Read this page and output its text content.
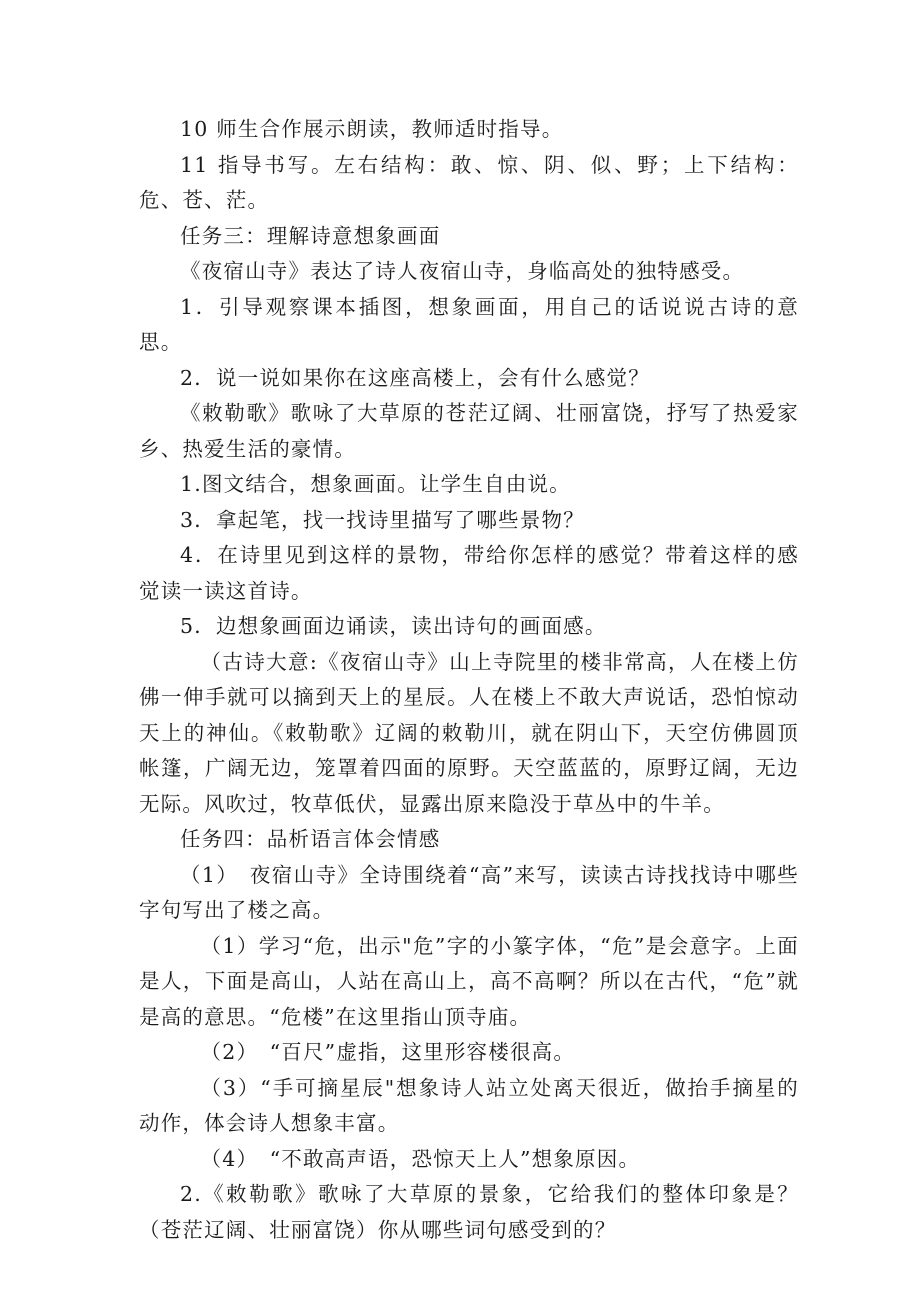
10 师生合作展示朗读，教师适时指导。

11 指导书写。左右结构：敢、惊、阴、似、野；上下结构：危、苍、茫。

任务三：理解诗意想象画面

《夜宿山寺》表达了诗人夜宿山寺，身临高处的独特感受。

1．引导观察课本插图，想象画面，用自己的话说说古诗的意思。

2．说一说如果你在这座高楼上，会有什么感觉？

《敕勒歌》歌咏了大草原的苍茫辽阔、壮丽富饶，抒写了热爱家乡、热爱生活的豪情。

1.图文结合，想象画面。让学生自由说。

3．拿起笔，找一找诗里描写了哪些景物？

4．在诗里见到这样的景物，带给你怎样的感觉？带着这样的感觉读一读这首诗。

5．边想象画面边诵读，读出诗句的画面感。

（古诗大意:《夜宿山寺》山上寺院里的楼非常高，人在楼上仿佛一伸手就可以摘到天上的星辰。人在楼上不敢大声说话，恐怕惊动天上的神仙。《敕勒歌》辽阔的敕勒川，就在阴山下，天空仿佛圆顶帐篷，广阔无边，笼罩着四面的原野。天空蓝蓝的，原野辽阔，无边无际。风吹过，牧草低伏，显露出原来隐没于草丛中的牛羊。

任务四：品析语言体会情感

（1）　夜宿山寺》全诗围绕着“高”来写，读读古诗找找诗中哪些字句写出了楼之高。

（1）学习“危，出示"危”字的小篆字体，“危”是会意字。上面是人，下面是高山，人站在高山上，高不高啊？所以在古代，“危”就是高的意思。“危楼”在这里指山顶寺庙。

（2）　“百尺”虚指，这里形容楼很高。

（3）“手可摘星辰"想象诗人站立处离天很近，做抬手摘星的动作，体会诗人想象丰富。

（4）　“不敢高声语，恐惊天上人”想象原因。

2.《敕勒歌》歌咏了大草原的景象，它给我们的整体印象是？（苍茫辽阔、壮丽富饶）你从哪些词句感受到的？
